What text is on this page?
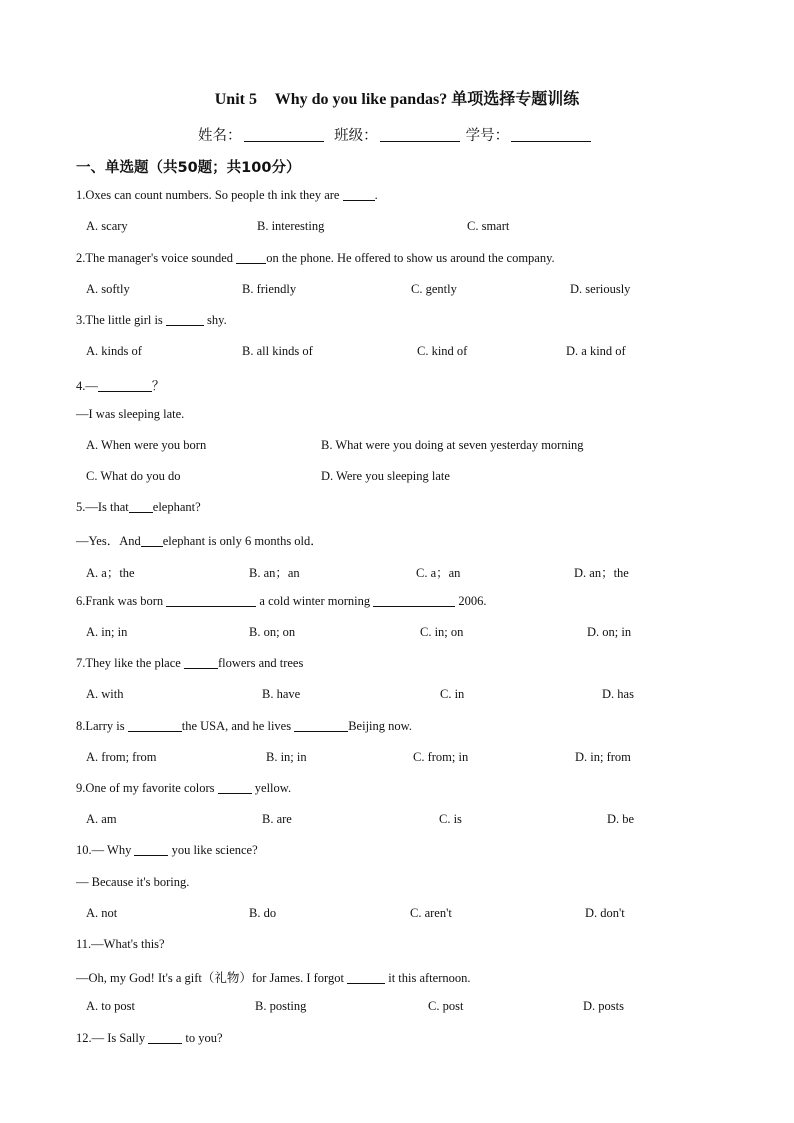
Unit 5 Why do you like pandas? 单项选择专题训练
姓名：	班级：	学号：
一、单选题（共50题；共100分）
1.Oxes can count numbers. So people th ink they are	.
A. scary	B. interesting	C. smart
2.The manager's voice sounded on the phone. He offered to show us around the company.
A. softly	B. friendly	C. gently	D. seriously
3.The little girl is	shy.
A. kinds of	B. all kinds of	C. kind of	D. a kind of
4.—	？
—I was sleeping late.
A. When were you born	B. What were you doing at seven yesterday morning
C. What do you do	D. Were you sleeping late
5.—Is that elephant?
—Yes．And elephant is only 6 months old．
A. a；the	B. an；an	C. a；an	D. an；the
6.Frank was born	a cold winter morning	2006.
A. in; in	B. on; on	C. in; on	D. on; in
7.They like the place	flowers and trees
A. with	B. have	C. in	D. has
8.Larry is	the USA, and he lives	Beijing now.
A. from; from	B. in; in	C. from; in	D. in; from
9.One of my favorite colors	yellow.
A. am	B. are	C. is	D. be
10.— Why	you like science?
— Because it's boring.
A. not	B. do	C. aren't	D. don't
11.—What's this?
—Oh, my God! It's a gift（礼物）for James. I forgot	it this afternoon.
A. to post	B. posting	C. post	D. posts
12.— Is Sally	to you?
